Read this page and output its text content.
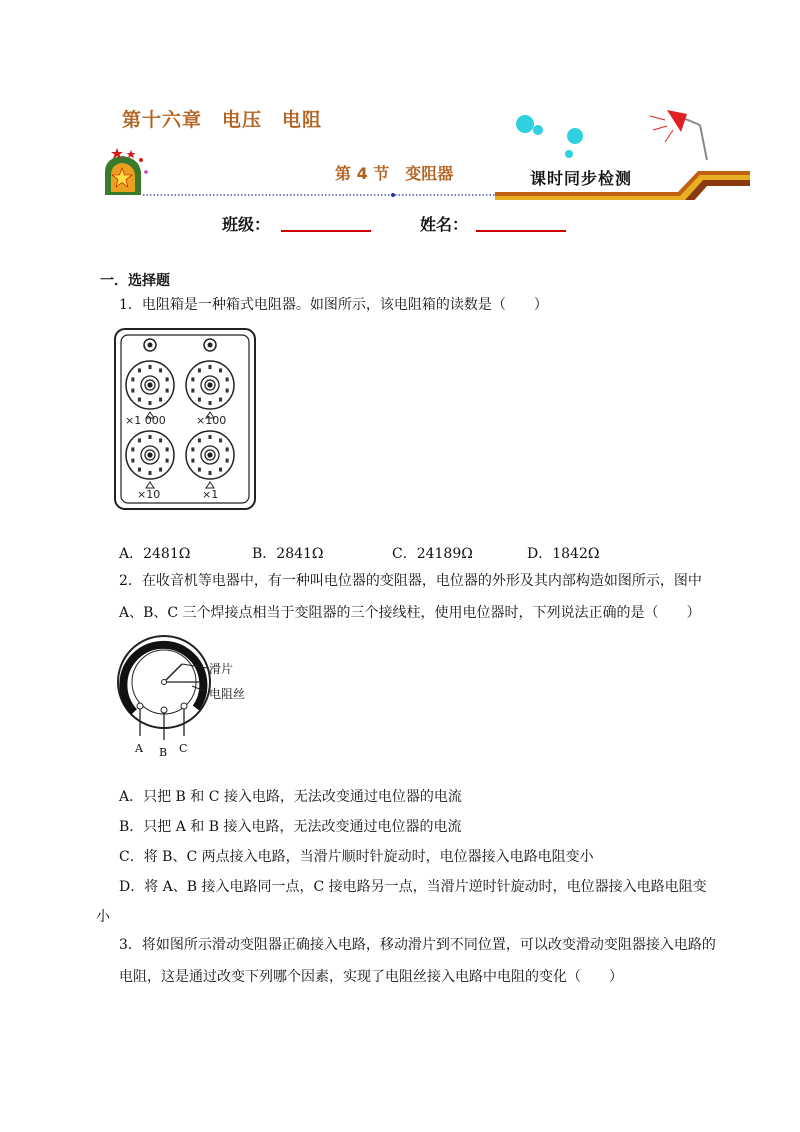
第十六章　电压　电阻
第 4 节　变阻器	课时同步检测
班级：	姓名：
一．选择题
1．电阻箱是一种箱式电阻器。如图所示，该电阻箱的读数是（　　）
×1 000	×100
×10	×1
A．2481Ω	B．2841Ω	C．24189Ω	D．1842Ω
2．在收音机等电器中，有一种叫电位器的变阻器，电位器的外形及其内部构造如图所示，图中
A、B、C 三个焊接点相当于变阻器的三个接线柱，使用电位器时，下列说法正确的是（　　）
滑片
电阻丝
A B C
A．只把 B 和 C 接入电路，无法改变通过电位器的电流
B．只把 A 和 B 接入电路，无法改变通过电位器的电流
C．将 B、C 两点接入电路，当滑片顺时针旋动时，电位器接入电路电阻变小
D．将 A、B 接入电路同一点，C 接电路另一点，当滑片逆时针旋动时，电位器接入电路电阻变
小
3．将如图所示滑动变阻器正确接入电路，移动滑片到不同位置，可以改变滑动变阻器接入电路的
电阻，这是通过改变下列哪个因素，实现了电阻丝接入电路中电阻的变化（　　）
